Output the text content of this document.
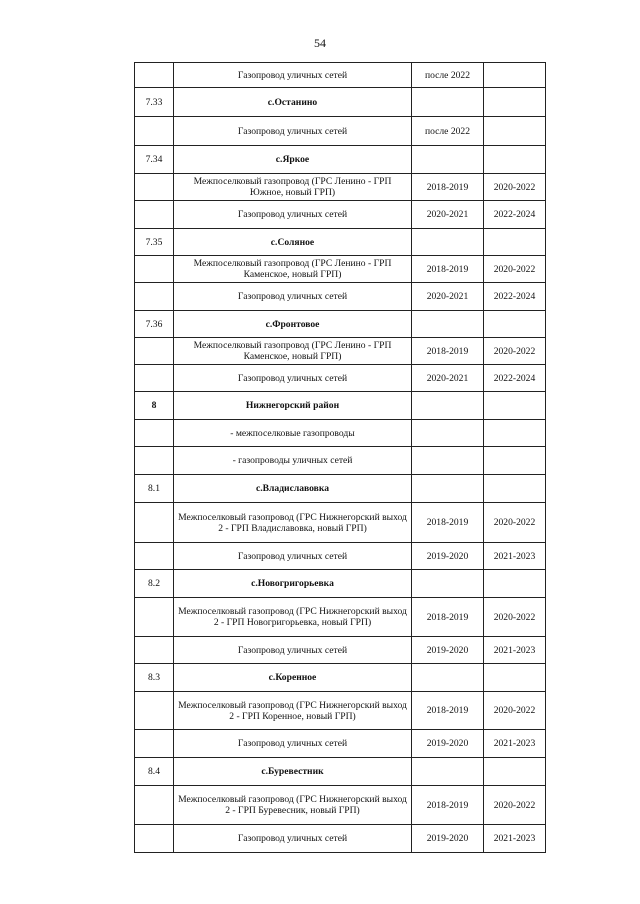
54
	Газопровод уличных сетей	после 2022	
7.33	с.Останино		
	Газопровод уличных сетей	после 2022	
7.34	с.Яркое		
	Межпоселковый газопровод (ГРС Ленино - ГРП Южное, новый ГРП)	2018-2019	2020-2022
	Газопровод уличных сетей	2020-2021	2022-2024
7.35	с.Соляное		
	Межпоселковый газопровод (ГРС Ленино - ГРП Каменское, новый ГРП)	2018-2019	2020-2022
	Газопровод уличных сетей	2020-2021	2022-2024
7.36	с.Фронтовое		
	Межпоселковый газопровод (ГРС Ленино - ГРП Каменское, новый ГРП)	2018-2019	2020-2022
	Газопровод уличных сетей	2020-2021	2022-2024
8	Нижнегорский район		
	- межпоселковые газопроводы		
	- газопроводы уличных сетей		
8.1	с.Владиславовка		
	Межпоселковый газопровод (ГРС Нижнегорский выход 2 - ГРП Владиславовка, новый ГРП)	2018-2019	2020-2022
	Газопровод уличных сетей	2019-2020	2021-2023
8.2	с.Новогригорьевка		
	Межпоселковый газопровод (ГРС Нижнегорский выход 2 - ГРП Новогригорьевка, новый ГРП)	2018-2019	2020-2022
	Газопровод уличных сетей	2019-2020	2021-2023
8.3	с.Коренное		
	Межпоселковый газопровод (ГРС Нижнегорский выход 2 - ГРП Коренное, новый ГРП)	2018-2019	2020-2022
	Газопровод уличных сетей	2019-2020	2021-2023
8.4	с.Буревестник		
	Межпоселковый газопровод (ГРС Нижнегорский выход 2 - ГРП Буревесник, новый ГРП)	2018-2019	2020-2022
	Газопровод уличных сетей	2019-2020	2021-2023
